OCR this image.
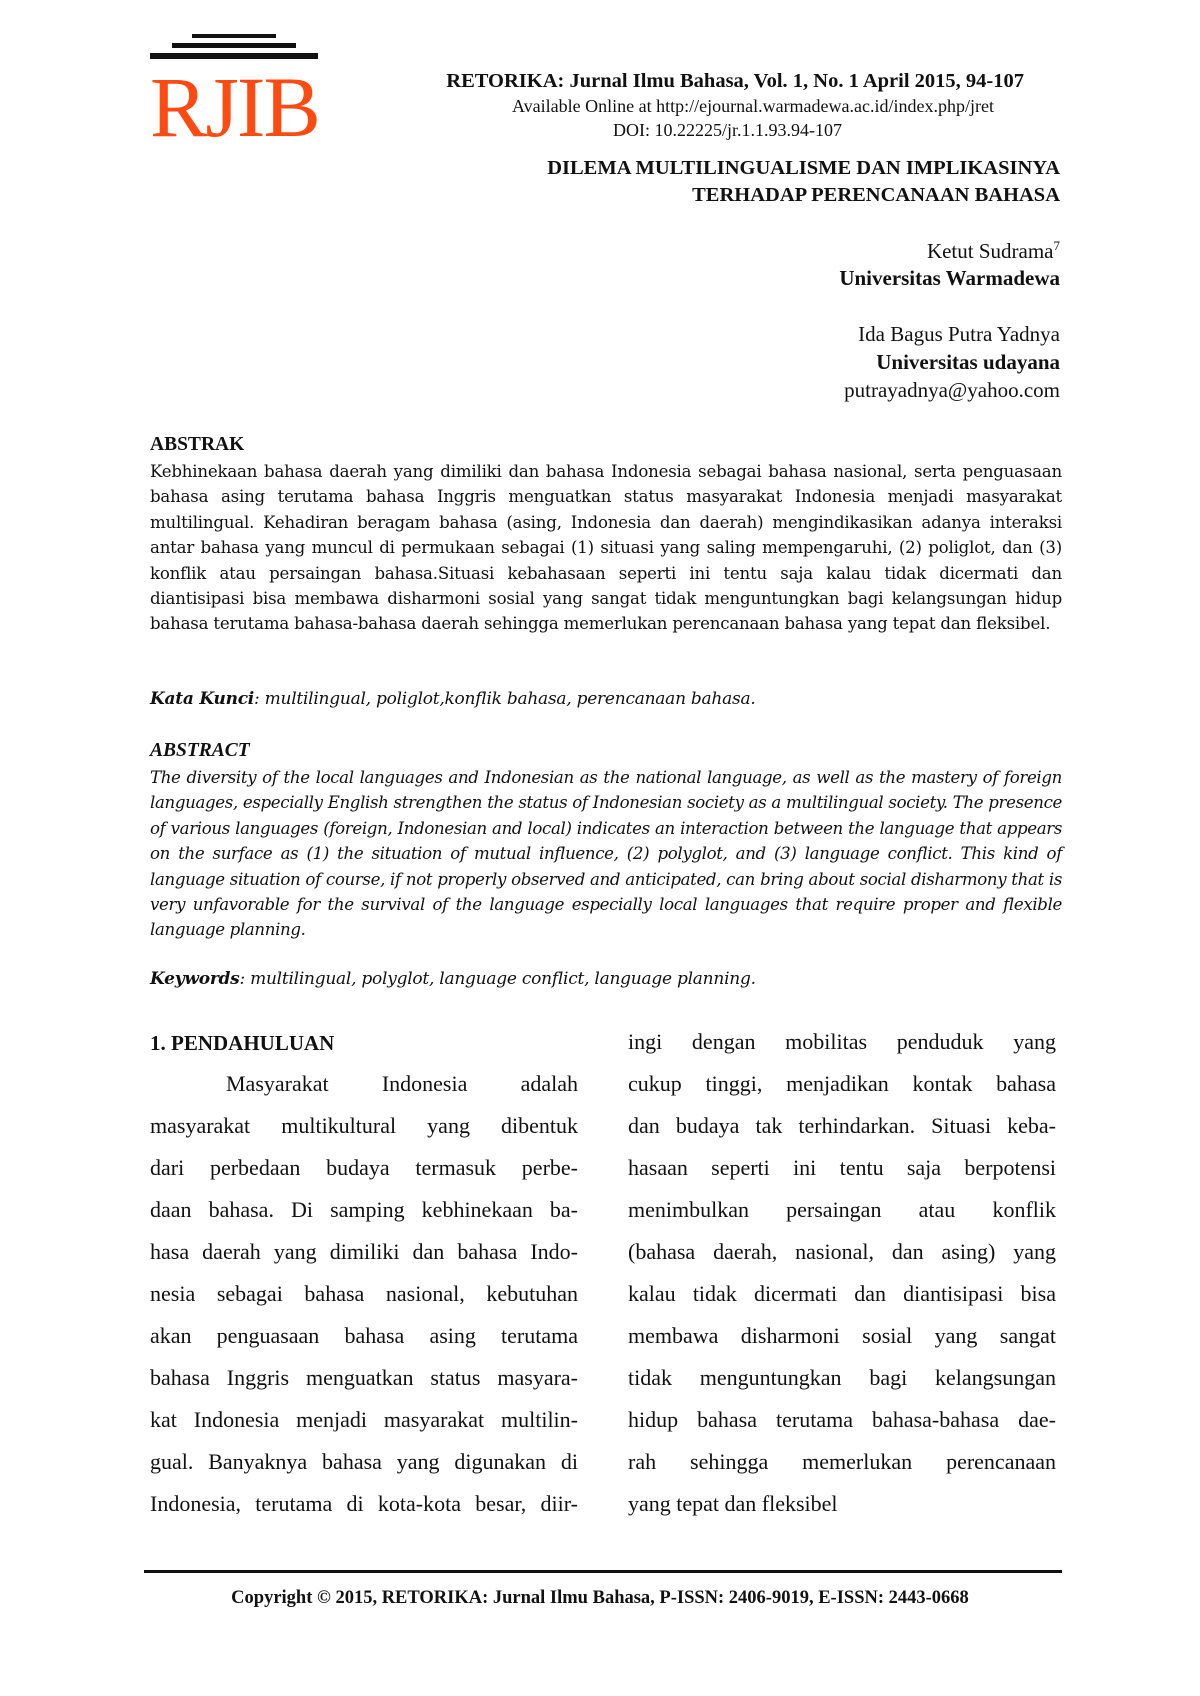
RJIB	RETORIKA: Jurnal Ilmu Bahasa, Vol. 1, No. 1 April 2015, 94-107
Available Online at http://ejournal.warmadewa.ac.id/index.php/jret
DOI: 10.22225/jr.1.1.93.94-107
DILEMA MULTILINGUALISME DAN IMPLIKASINYA
TERHADAP PERENCANAAN BAHASA
Ketut Sudrama$^7$
Universitas Warmadewa
Ida Bagus Putra Yadnya
Universitas udayana
putrayadnya@yahoo.com
ABSTRAK
Kebhinekaan bahasa daerah yang dimiliki dan bahasa Indonesia sebagai bahasa nasional, serta penguasaan bahasa asing terutama bahasa Inggris menguatkan status masyarakat Indonesia menjadi masyarakat multilingual. Kehadiran beragam bahasa (asing, Indonesia dan daerah) mengindikasikan adanya interaksi antar bahasa yang muncul di permukaan sebagai (1) situasi yang saling mempengaruhi, (2) poliglot, dan (3) konflik atau persaingan bahasa.Situasi kebahasaan seperti ini tentu saja kalau tidak dicermati dan diantisipasi bisa membawa disharmoni sosial yang sangat tidak menguntungkan bagi kelangsungan hidup bahasa terutama bahasa-bahasa daerah sehingga memerlukan perencanaan bahasa yang tepat dan fleksibel.
Kata Kunci: multilingual, poliglot,konflik bahasa, perencanaan bahasa.
ABSTRACT
The diversity of the local languages and Indonesian as the national language, as well as the mastery of foreign languages, especially English strengthen the status of Indonesian society as a multilingual society. The presence of various languages (foreign, Indonesian and local) indicates an interaction between the language that appears on the surface as (1) the situation of mutual influence, (2) polyglot, and (3) language conflict. This kind of language situation of course, if not properly observed and anticipated, can bring about social disharmony that is very unfavorable for the survival of the language especially local languages that require proper and flexible language planning.
Keywords: multilingual, polyglot, language conflict, language planning.
1. PENDAHULUAN
Masyarakat Indonesia adalah
masyarakat multikultural yang dibentuk
dari perbedaan budaya termasuk perbe-
daan bahasa. Di samping kebhinekaan ba-
hasa daerah yang dimiliki dan bahasa Indo-
nesia sebagai bahasa nasional, kebutuhan
akan penguasaan bahasa asing terutama
bahasa Inggris menguatkan status masyara-
kat Indonesia menjadi masyarakat multilin-
gual. Banyaknya bahasa yang digunakan di
Indonesia, terutama di kota-kota besar, diir-
ingi dengan mobilitas penduduk yang
cukup tinggi, menjadikan kontak bahasa
dan budaya tak terhindarkan. Situasi keba-
hasaan seperti ini tentu saja berpotensi
menimbulkan persaingan atau konflik
(bahasa daerah, nasional, dan asing) yang
kalau tidak dicermati dan diantisipasi bisa
membawa disharmoni sosial yang sangat
tidak menguntungkan bagi kelangsungan
hidup bahasa terutama bahasa-bahasa dae-
rah sehingga memerlukan perencanaan
yang tepat dan fleksibel
Copyright © 2015, RETORIKA: Jurnal Ilmu Bahasa, P-ISSN: 2406-9019, E-ISSN: 2443-0668
